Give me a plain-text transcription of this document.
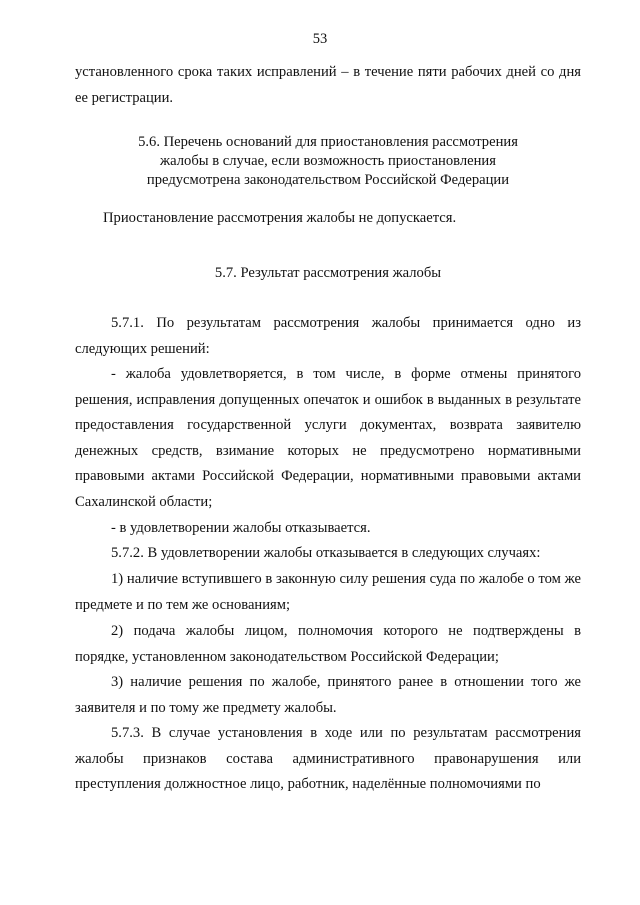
53

установленного срока таких исправлений – в течение пяти рабочих дней со дня ее регистрации.

5.6. Перечень оснований для приостановления рассмотрения
жалобы в случае, если возможность приостановления
предусмотрена законодательством Российской Федерации

Приостановление рассмотрения жалобы не допускается.

5.7. Результат рассмотрения жалобы

5.7.1. По результатам рассмотрения жалобы принимается одно из следующих решений:

- жалоба удовлетворяется, в том числе, в форме отмены принятого решения, исправления допущенных опечаток и ошибок в выданных в результате предоставления государственной услуги документах, возврата заявителю денежных средств, взимание которых не предусмотрено нормативными правовыми актами Российской Федерации, нормативными правовыми актами Сахалинской области;

- в удовлетворении жалобы отказывается.

5.7.2. В удовлетворении жалобы отказывается в следующих случаях:

1) наличие вступившего в законную силу решения суда по жалобе о том же предмете и по тем же основаниям;

2) подача жалобы лицом, полномочия которого не подтверждены в порядке, установленном законодательством Российской Федерации;

3) наличие решения по жалобе, принятого ранее в отношении того же заявителя и по тому же предмету жалобы.

5.7.3. В случае установления в ходе или по результатам рассмотрения жалобы признаков состава административного правонарушения или преступления должностное лицо, работник, наделённые полномочиями по
